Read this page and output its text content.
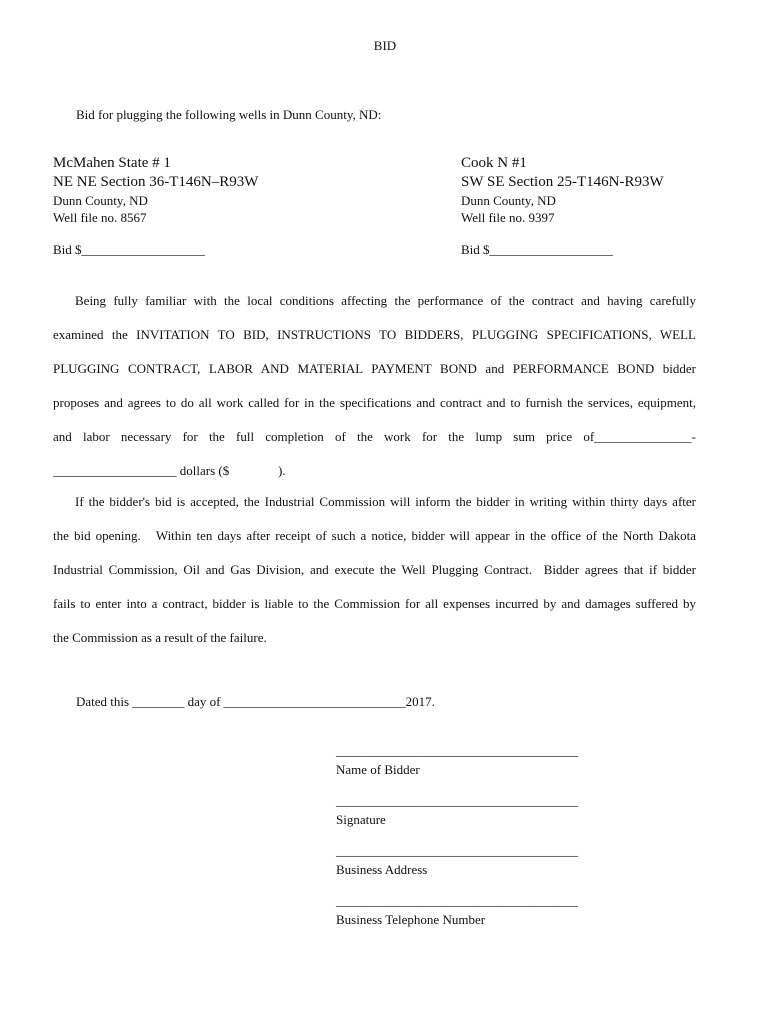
BID
Bid for plugging the following wells in Dunn County, ND:
McMahen State # 1
NE NE Section 36-T146N–R93W
Dunn County, ND
Well file no. 8567
Bid $___________________
Cook N #1
SW SE Section 25-T146N-R93W
Dunn County, ND
Well file no. 9397
Bid $___________________
Being fully familiar with the local conditions affecting the performance of the contract and having carefully
examined the INVITATION TO BID, INSTRUCTIONS TO BIDDERS, PLUGGING SPECIFICATIONS, WELL
PLUGGING CONTRACT, LABOR AND MATERIAL PAYMENT BOND and PERFORMANCE BOND bidder
proposes and agrees to do all work called for in the specifications and contract and to furnish the services, equipment,
and labor necessary for the full completion of the work for the lump sum price of_______________-
___________________ dollars ($               ).
If the bidder's bid is accepted, the Industrial Commission will inform the bidder in writing within thirty days after
the bid opening.   Within ten days after receipt of such a notice, bidder will appear in the office of the North Dakota
Industrial Commission, Oil and Gas Division, and execute the Well Plugging Contract.  Bidder agrees that if bidder
fails to enter into a contract, bidder is liable to the Commission for all expenses incurred by and damages suffered by
the Commission as a result of the failure.
Dated this ________ day of ____________________________2017.
_______________________________________
Name of Bidder
_______________________________________
Signature
_______________________________________
Business Address
_______________________________________
Business Telephone Number
